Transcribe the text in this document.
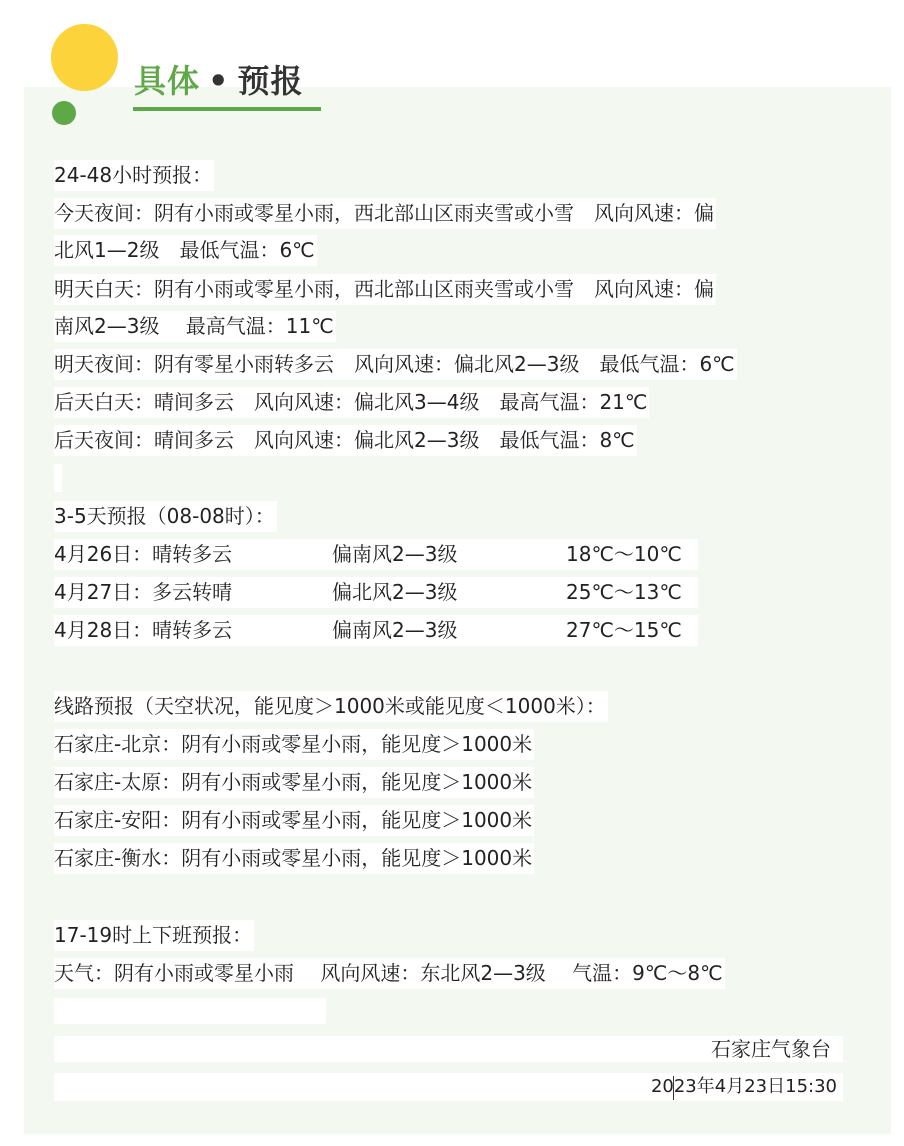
具体 • 预报
24-48小时预报：
今天夜间：阴有小雨或零星小雨，西北部山区雨夹雪或小雪　风向风速：偏
北风1—2级　最低气温：6℃
明天白天：阴有小雨或零星小雨，西北部山区雨夹雪或小雪　风向风速：偏
南风2—3级　 最高气温：11℃
明天夜间：阴有零星小雨转多云　风向风速：偏北风2—3级　最低气温：6℃
后天白天：晴间多云　风向风速：偏北风3—4级　最高气温：21℃
后天夜间：晴间多云　风向风速：偏北风2—3级　最低气温：8℃
3-5天预报（08-08时）：
4月26日：晴转多云	偏南风2—3级	18℃～10℃
4月27日：多云转晴	偏北风2—3级	25℃～13℃
4月28日：晴转多云	偏南风2—3级	27℃～15℃
线路预报（天空状况，能见度＞1000米或能见度＜1000米）：
石家庄-北京：阴有小雨或零星小雨，能见度＞1000米
石家庄-太原：阴有小雨或零星小雨，能见度＞1000米
石家庄-安阳：阴有小雨或零星小雨，能见度＞1000米
石家庄-衡水：阴有小雨或零星小雨，能见度＞1000米
17-19时上下班预报：
天气：阴有小雨或零星小雨　 风向风速：东北风2—3级　 气温：9℃～8℃
石家庄气象台
2023年4月23日15:30
